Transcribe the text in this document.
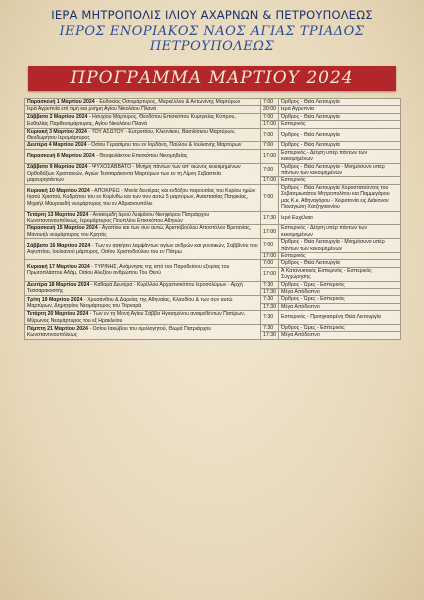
ΙΕΡΑ ΜΗΤΡΟΠΟΛΙΣ ΙΛΙΟΥ ΑΧΑΡΝΩΝ & ΠΕΤΡΟΥΠΟΛΕΩΣ
ΙΕΡΟΣ ΕΝΟΡΙΑΚΟΣ ΝΑΟΣ ΑΓΙΑΣ ΤΡΙΑΔΟΣ ΠΕΤΡΟΥΠΟΛΕΩΣ
ΠΡΟΓΡΑΜΜΑ ΜΑΡΤΙΟΥ 2024
Παρασκευή 1 Μαρτίου 2024 - Ευδοκίας Οσιομάρτυρος, Μαρκέλλου & Αντωνίνης Μαρτύρων	7:00	Όρθρος - Θεία Λειτουργία
Ιερά Αγρυπνία επί τιμή και μνήμη Αγίου Νικολάου Πλανά	20:00	Ιερά Αγρυπνία
Σάββατο 2 Μαρτίου 2024 - Ησυχίου Μάρτυρος, Θεοδότου Επισκόπου Κυρηνείας Κύπρου, Ευθαλίας Παρθενομάρτυρος, Αγίου Νικολάου Πλανά	7:00	Όρθρος - Θεία Λειτουργία
	17:00	Εσπερινός
Κυριακή 3 Μαρτίου 2024 - ΤΟΥ ΑΣΩΤΟΥ - Ευτροπίου, Κλεονίκου, Βασιλίσκου Μαρτύρων, Θεοδωρήτου Ιερομάρτυρος	7:00	Όρθρος - Θεία Λειτουργία
Δευτέρα 4 Μαρτίου 2024 - Οσίου Γερασίμου του εν Ιορδάνη, Παύλου & Ιουλιανής Μαρτύρων	7:00	Όρθρος - Θεία Λειτουργία
Παρασκευή 8 Μαρτίου 2024 - Θεοφυλάκτου Επισκόπου Νικομηδείας	17:00	Εσπερινός - Δέηση υπέρ πάντων των κεκοιμημένων
Σάββατο 9 Μαρτίου 2024 - ΨΥΧΟΣΑΒΒΑΤΟ - Μνήμη πάντων των απ' αιώνος κεκοιμημένων Ορθοδόξων Χριστιανών, Αγιών Τεσσαράκοντα Μαρτύρων των εν τη Λίμνη Σεβαστεία μαρτυρησάντων	7:00	Όρθρος - Θεία Λειτουργία - Μνημόσυνο υπέρ πάντων των κεκοιμημένων
	17:00	Εσπερινός
Κυριακή 10 Μαρτίου 2024 - ΑΠΟΚΡΕΩ - Μνεία δευτέρας και ενδόξου παρουσίας του Κυρίου ημών Ιησού Χριστού, Κοδράτου του εν Κορίνθω και των συν αυτώ 5 μαρτύρων, Αναστασίας Πατρικίας, Μιχαήλ Μαυροειδή νεομάρτυρος του εν Αδριανουπόλει	7:00	Όρθρος - Θεία Λειτουργία Χοροστατούντος του Σεβασμιωτάτου Μητροπολίτου και Παμμεγάρου μας Κ.κ. Αθηναγόρου - Χειροτονία εις Διάκονον Παναγιώτη Χατζηγιαννίου
Τετάρτη 13 Μαρτίου 2024 - Ανακομιδή Ιερού Λειψάνου Νικηφόρου Πατριάρχου Κωνσταντινουπόλεως, Ιερομάρτυρος Πουπλίου Επισκόπου Αθηνών	17:30	Ιερό Ευχέλαιο
Παρασκευή 15 Μαρτίου 2024 - Αγαπίου και των συν αυτώ, Αριστοβούλου Αποστόλου Βρετανίας, Μανουήλ νεομάρτυρος του Κρητός	17:00	Εσπερινός - Δέηση υπέρ πάντων των κεκοιμημένων
Σάββατο 16 Μαρτίου 2024 - Των εν ασκήσει λαμψάντων αγίων ανδρών και γυναικών, Σαββίνου του Αιγυπτίου, Ιουλιανού μάρτυρος, Οσίου Χριστοδούλου του εν Πάτμω	7:00	Όρθρος - Θεία Λειτουργία - Μνημόσυνο υπέρ πάντων των κεκοιμημένων
	17:00	Εσπερινός
Κυριακή 17 Μαρτίου 2024 - ΤΥΡΙΝΗΣ, Ανάμνησις της από του Παραδείσου εξορίας του Πρωτοπλάστου Αδάμ, Οσίου Αλεξίου ανθρώπου Του Θεού	7:00	Όρθρος - Θεία Λειτουργία
	17:00	Ά Κατανυκτικός Εσπερινός - Εσπερινός Συγχώρησης
Δευτέρα 18 Μαρτίου 2024 - Καθαρά Δευτέρα - Κυρίλλου Αρχιεπισκόπου Ιεροσολύμων - Αρχή Τεσσαρακοστής	7:30	Όρθρος - Ώρες - Εσπερινός
	17:30	Μέγα Απόδειπνο
Τρίτη 19 Μαρτίου 2024 - Χρυσάνθου & Δαρείας της Αθηναίας, Κλαυδίου & των συν αυτώ Μαρτύρων, Δημητρίου Νεομάρτυρος του Τορναρά	7:30	Όρθρος - Ώρες - Εσπερινός
	17:30	Μέγα Απόδειπνο
Τετάρτη 20 Μαρτίου 2024 - Των εν τη Μονή Αγίου Σάββα Ηγιασμένου αναιρεθέντων Πατέρων, Μύρωνος Νεομάρτυρος του εξ Ηρακλείου	7:30	Εσπερινός - Προηγιασμένη Θεία Λειτουργία
Πέμπτη 21 Μαρτίου 2024 - Οσίου Ιακώβου του ομολογητού, Θωμά Πατριάρχου Κωνσταντινουπόλεως	7:30	Όρθρος - Ώρες - Εσπερινός
	17:30	Μέγα Απόδειπνο
